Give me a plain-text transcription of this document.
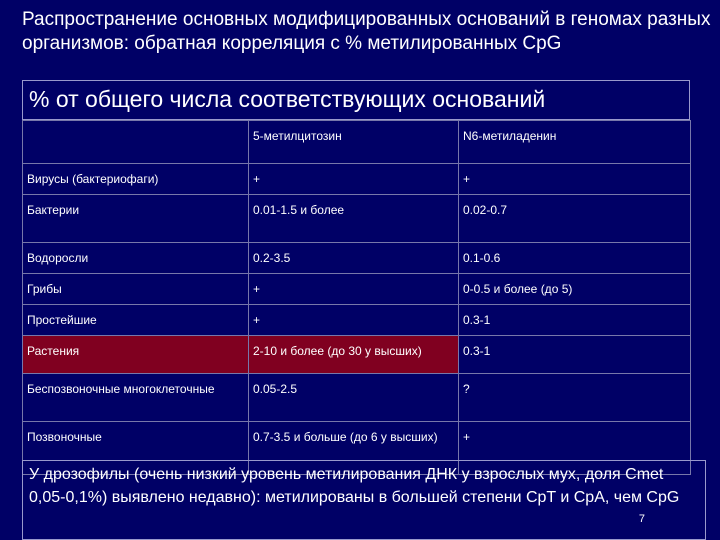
Распространение основных модифицированных оснований в геномах разных организмов: обратная корреляция с % метилированных CpG
% от общего числа соответствующих оснований
	5-метилцитозин	N6-метиладенин
Вирусы (бактериофаги)	+	+
Бактерии	0.01-1.5 и более	0.02-0.7
Водоросли	0.2-3.5	0.1-0.6
Грибы	+	0-0.5 и более (до 5)
Простейшие	+	0.3-1
Растения	2-10 и более (до 30 у высших)	0.3-1
Беспозвоночные многоклеточные	0.05-2.5	?
Позвоночные	0.7-3.5 и больше (до 6 у высших)	+
У дрозофилы (очень низкий уровень метилирования ДНК у взрослых мух, доля Cmet 0,05-0,1%) выявлено недавно): метилированы в большей степени CpT и CpA, чем CpG
7
